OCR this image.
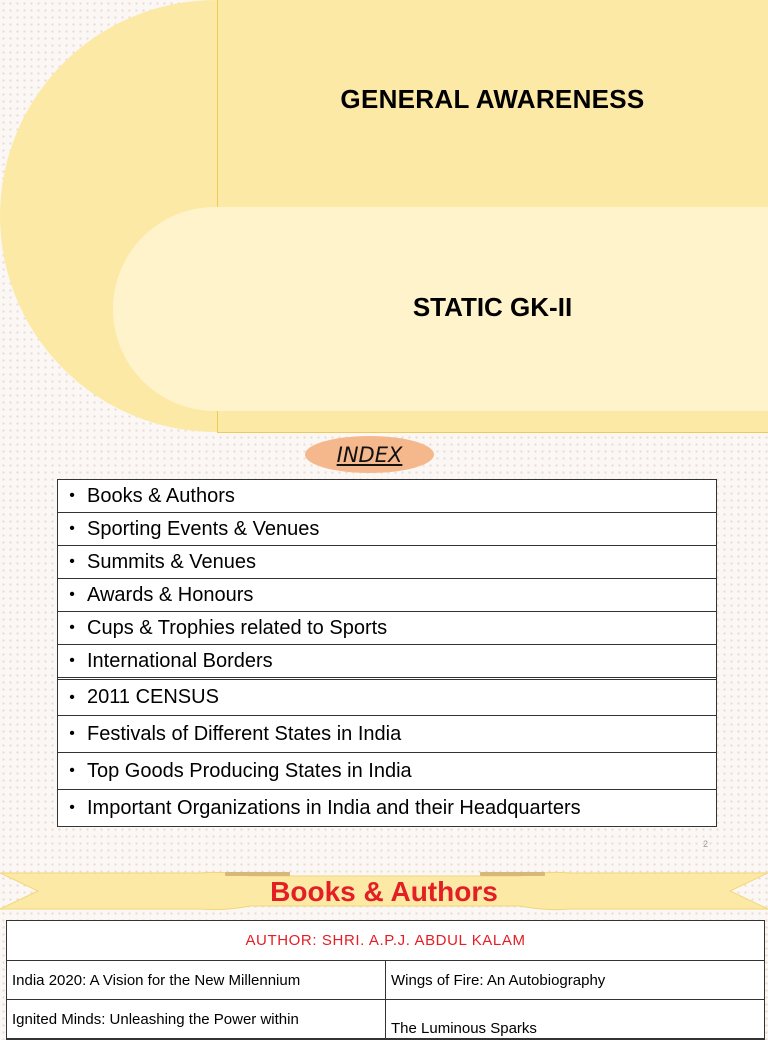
GENERAL AWARENESS
STATIC GK-II
INDEX
• Books & Authors
• Sporting Events & Venues
• Summits & Venues
• Awards & Honours
• Cups & Trophies related to Sports
• International Borders
• 2011 CENSUS
• Festivals of Different States in India
• Top Goods Producing States in India
• Important Organizations in India and their Headquarters
2
Books & Authors
AUTHOR: SHRI. A.P.J. ABDUL KALAM
India 2020: A Vision for the New Millennium	Wings of Fire: An Autobiography
Ignited Minds: Unleashing the Power within
The Luminous Sparks
